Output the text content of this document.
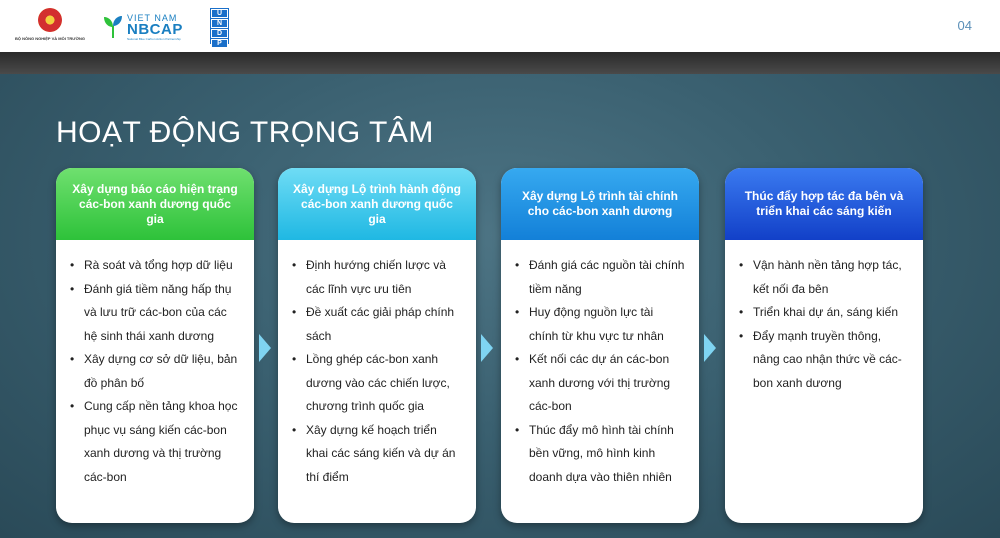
BỘ NÔNG NGHIỆP VÀ MÔI TRƯỜNG
VIET NAM
NBCAP
National Blue Carbon Action Partnership
U
N
D
P
04
HOẠT ĐỘNG TRỌNG TÂM
Xây dựng báo cáo hiện trạng các-bon xanh dương quốc gia
• Rà soát và tổng hợp dữ liệu
• Đánh giá tiềm năng hấp thụ và lưu trữ các-bon của các hệ sinh thái xanh dương
• Xây dựng cơ sở dữ liệu, bản đồ phân bố
• Cung cấp nền tảng khoa học phục vụ sáng kiến các-bon xanh dương và thị trường các-bon
Xây dựng Lộ trình hành động các-bon xanh dương quốc gia
• Định hướng chiến lược và các lĩnh vực ưu tiên
• Đề xuất các giải pháp chính sách
• Lồng ghép các-bon xanh dương vào các chiến lược, chương trình quốc gia
• Xây dựng kế hoạch triển khai các sáng kiến và dự án thí điểm
Xây dựng Lộ trình tài chính cho các-bon xanh dương
• Đánh giá các nguồn tài chính tiềm năng
• Huy động nguồn lực tài chính từ khu vực tư nhân
• Kết nối các dự án các-bon xanh dương với thị trường các-bon
• Thúc đẩy mô hình tài chính bền vững, mô hình kinh doanh dựa vào thiên nhiên
Thúc đẩy hợp tác đa bên và triển khai các sáng kiến
• Vận hành nền tảng hợp tác, kết nối đa bên
• Triển khai dự án, sáng kiến
• Đẩy mạnh truyền thông, nâng cao nhận thức về các-bon xanh dương
